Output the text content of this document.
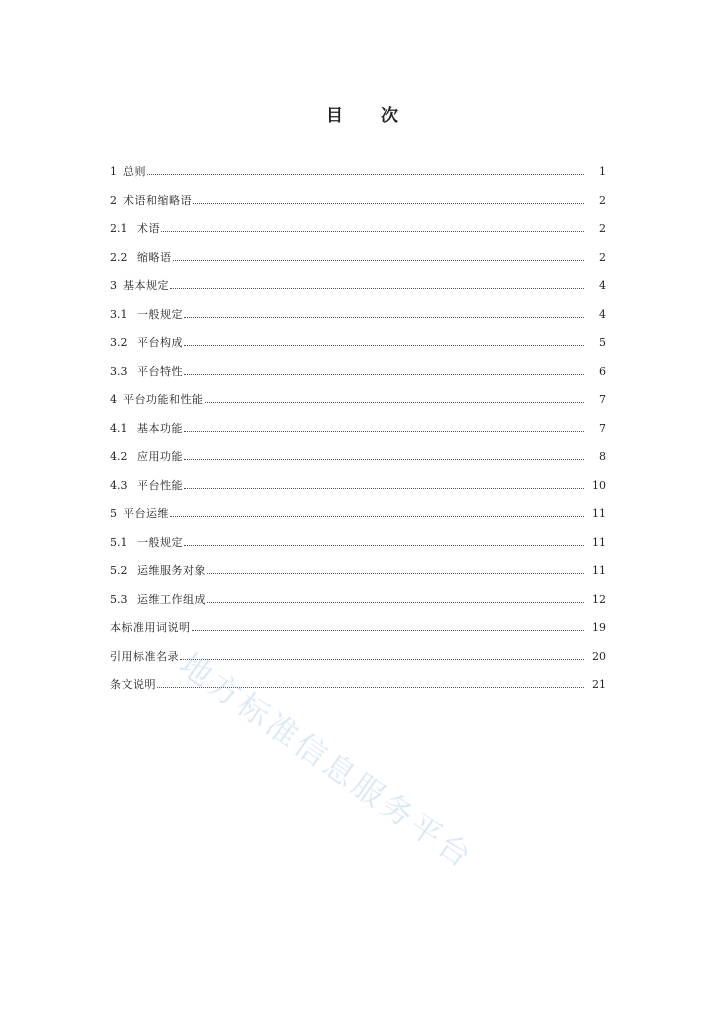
目 次
1 总则	1
2 术语和缩略语	2
2.1 术语	2
2.2 缩略语	2
3 基本规定	4
3.1 一般规定	4
3.2 平台构成	5
3.3 平台特性	6
4 平台功能和性能	7
4.1 基本功能	7
4.2 应用功能	8
4.3 平台性能	10
5 平台运维	11
5.1 一般规定	11
5.2 运维服务对象	11
5.3 运维工作组成	12
本标准用词说明	19
引用标准名录	20
条文说明	21
地方标准信息服务平台
